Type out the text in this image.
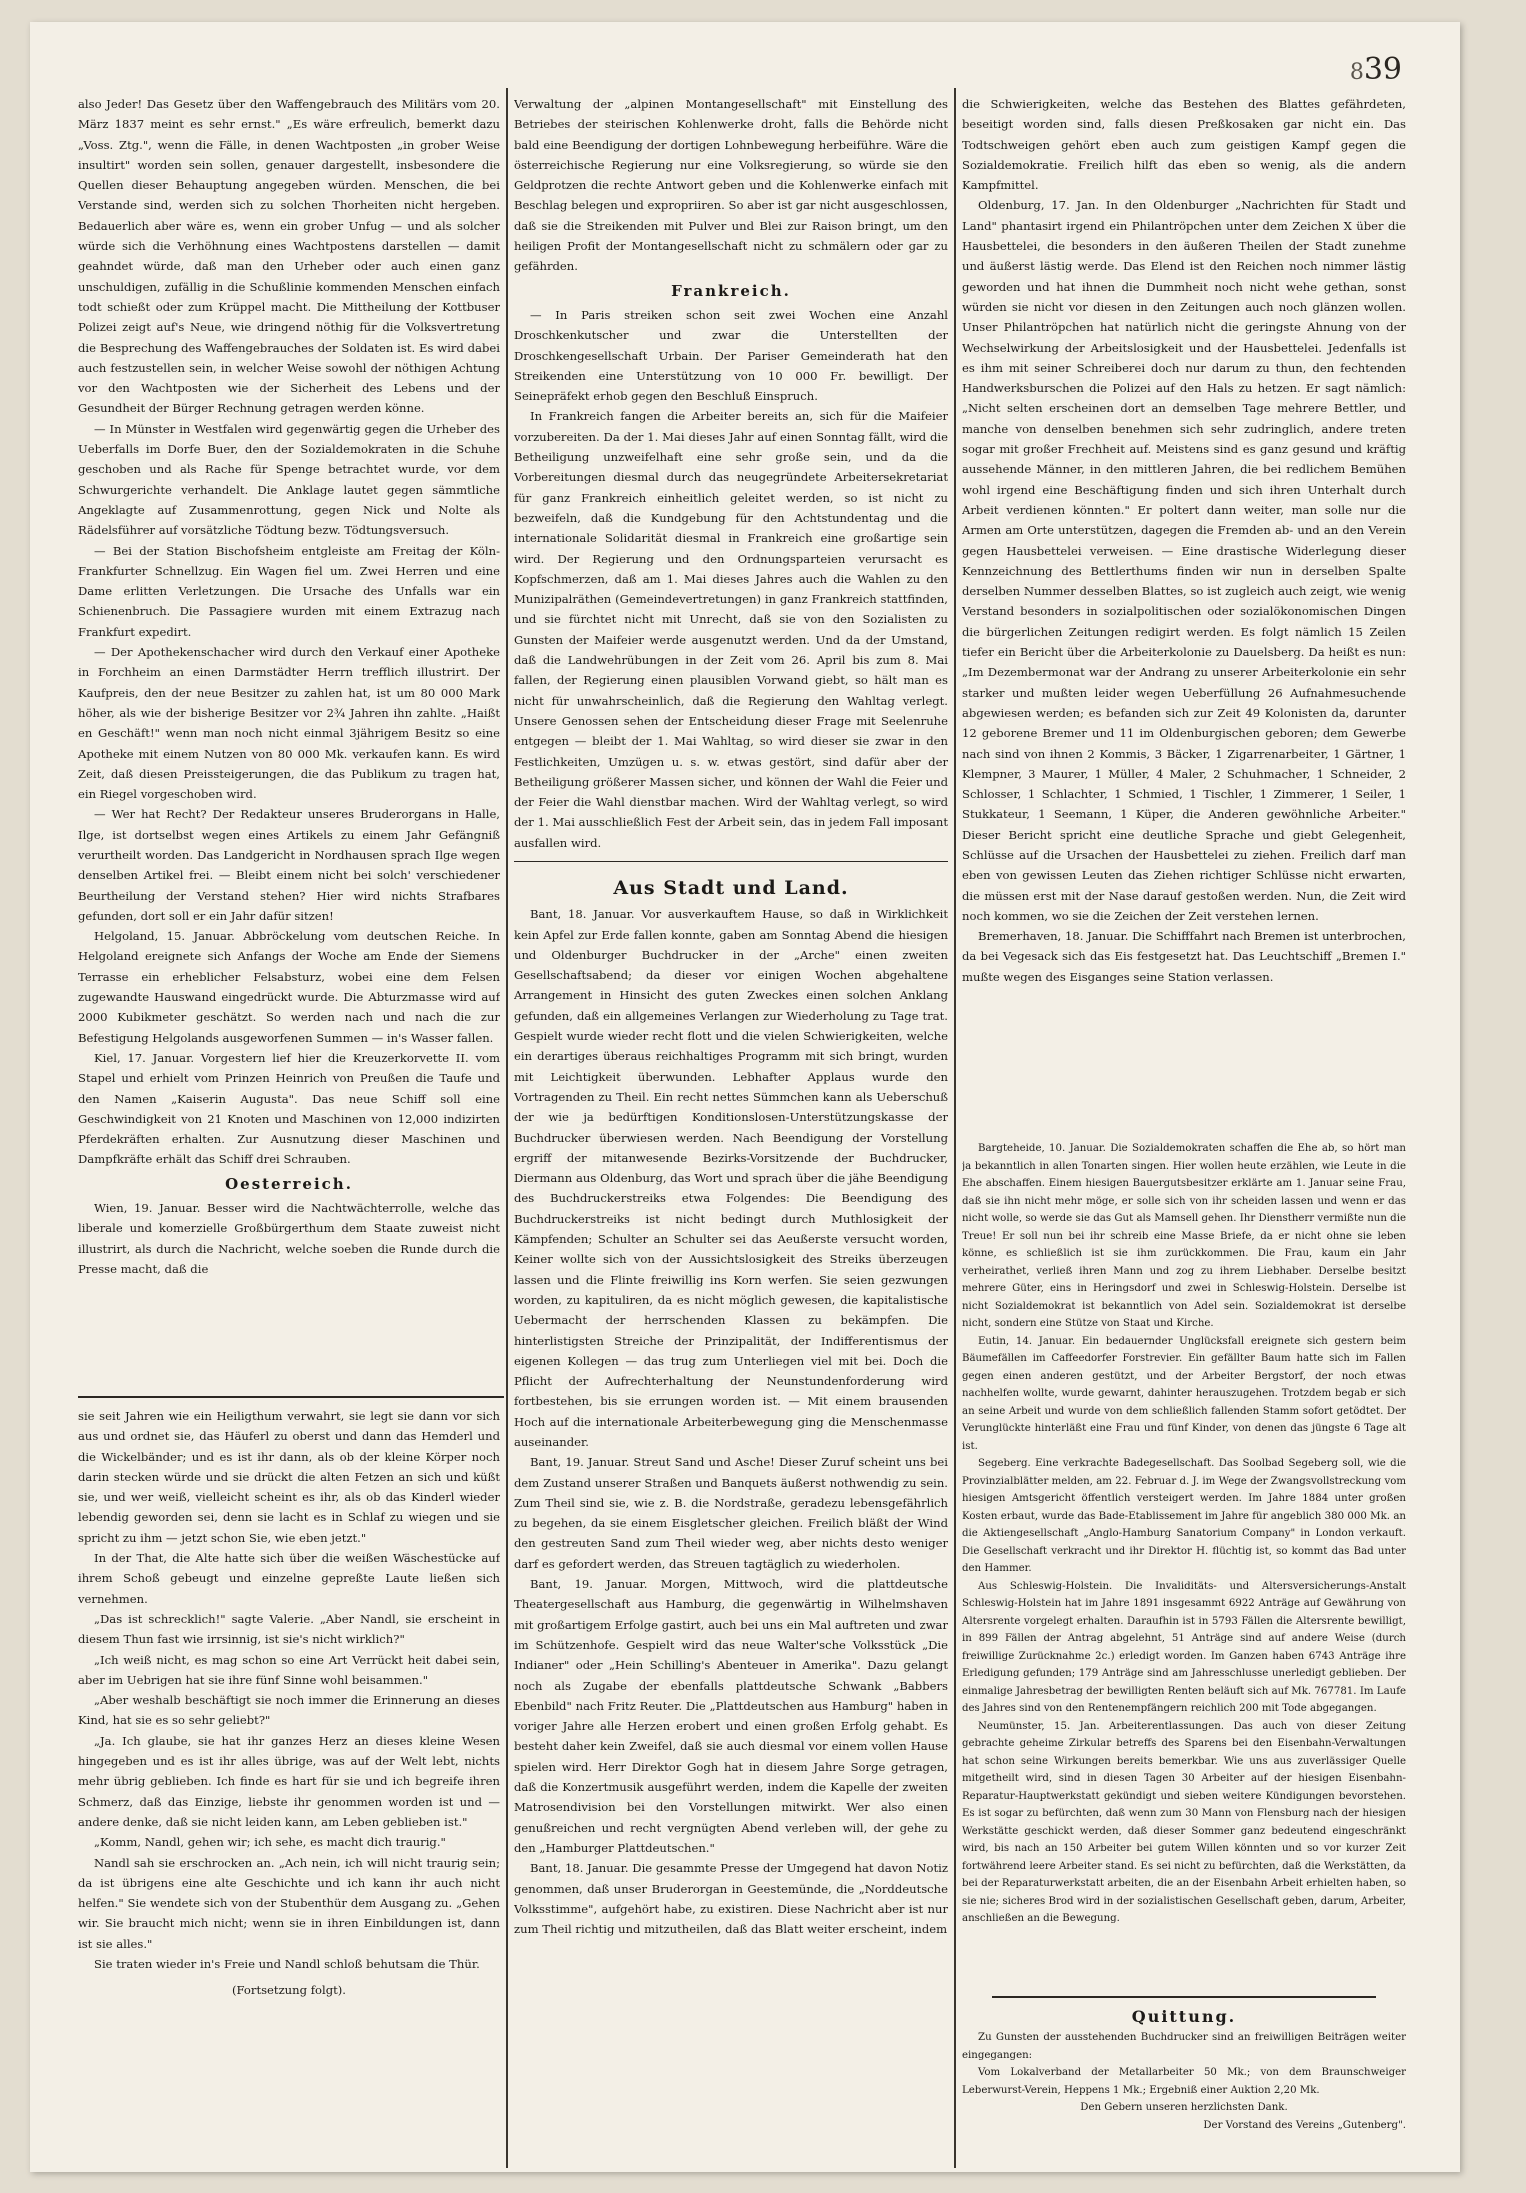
839

also Jeder! Das Gesetz über den Waffengebrauch des Militärs vom 20. März 1837 meint es sehr ernst." „Es wäre erfreulich, bemerkt dazu „Voss. Ztg.", wenn die Fälle, in denen Wachtposten „in grober Weise insultirt" worden sein sollen, genauer dargestellt, insbesondere die Quellen dieser Behauptung angegeben würden. Menschen, die bei Verstande sind, werden sich zu solchen Thorheiten nicht hergeben. Bedauerlich aber wäre es, wenn ein grober Unfug — und als solcher würde sich die Verhöhnung eines Wachtpostens darstellen — damit geahndet würde, daß man den Urheber oder auch einen ganz unschuldigen, zufällig in die Schußlinie kommenden Menschen einfach todt schießt oder zum Krüppel macht. Die Mittheilung der Kottbuser Polizei zeigt auf's Neue, wie dringend nöthig für die Volksvertretung die Besprechung des Waffengebrauches der Soldaten ist. Es wird dabei auch festzustellen sein, in welcher Weise sowohl der nöthigen Achtung vor den Wachtposten wie der Sicherheit des Lebens und der Gesundheit der Bürger Rechnung getragen werden könne.

— In Münster in Westfalen wird gegenwärtig gegen die Urheber des Ueberfalls im Dorfe Buer, den der Sozialdemokraten in die Schuhe geschoben und als Rache für Spenge betrachtet wurde, vor dem Schwurgerichte verhandelt. Die Anklage lautet gegen sämmtliche Angeklagte auf Zusammenrottung, gegen Nick und Nolte als Rädelsführer auf vorsätzliche Tödtung bezw. Tödtungsversuch.

— Bei der Station Bischofsheim entgleiste am Freitag der Köln-Frankfurter Schnellzug. Ein Wagen fiel um. Zwei Herren und eine Dame erlitten Verletzungen. Die Ursache des Unfalls war ein Schienenbruch. Die Passagiere wurden mit einem Extrazug nach Frankfurt expedirt.

— Der Apothekenschacher wird durch den Verkauf einer Apotheke in Forchheim an einen Darmstädter Herrn trefflich illustrirt. Der Kaufpreis, den der neue Besitzer zu zahlen hat, ist um 80 000 Mark höher, als wie der bisherige Besitzer vor 2¾ Jahren ihn zahlte. „Haißt en Geschäft!" wenn man noch nicht einmal 3jährigem Besitz so eine Apotheke mit einem Nutzen von 80 000 Mk. verkaufen kann. Es wird Zeit, daß diesen Preissteigerungen, die das Publikum zu tragen hat, ein Riegel vorgeschoben wird.

— Wer hat Recht? Der Redakteur unseres Bruderorgans in Halle, Ilge, ist dortselbst wegen eines Artikels zu einem Jahr Gefängniß verurtheilt worden. Das Landgericht in Nordhausen sprach Ilge wegen denselben Artikel frei. — Bleibt einem nicht bei solch' verschiedener Beurtheilung der Verstand stehen? Hier wird nichts Strafbares gefunden, dort soll er ein Jahr dafür sitzen!

Helgoland, 15. Januar. Abbröckelung vom deutschen Reiche. In Helgoland ereignete sich Anfangs der Woche am Ende der Siemens Terrasse ein erheblicher Felsabsturz, wobei eine dem Felsen zugewandte Hauswand eingedrückt wurde. Die Abturzmasse wird auf 2000 Kubikmeter geschätzt. So werden nach und nach die zur Befestigung Helgolands ausgeworfenen Summen — in's Wasser fallen.

Kiel, 17. Januar. Vorgestern lief hier die Kreuzerkorvette II. vom Stapel und erhielt vom Prinzen Heinrich von Preußen die Taufe und den Namen „Kaiserin Augusta". Das neue Schiff soll eine Geschwindigkeit von 21 Knoten und Maschinen von 12,000 indizirten Pferdekräften erhalten. Zur Ausnutzung dieser Maschinen und Dampfkräfte erhält das Schiff drei Schrauben.

Oesterreich.

Wien, 19. Januar. Besser wird die Nachtwächterrolle, welche das liberale und komerzielle Großbürgerthum dem Staate zuweist nicht illustrirt, als durch die Nachricht, welche soeben die Runde durch die Presse macht, daß die

sie seit Jahren wie ein Heiligthum verwahrt, sie legt sie dann vor sich aus und ordnet sie, das Häuferl zu oberst und dann das Hemderl und die Wickelbänder; und es ist ihr dann, als ob der kleine Körper noch darin stecken würde und sie drückt die alten Fetzen an sich und küßt sie, und wer weiß, vielleicht scheint es ihr, als ob das Kinderl wieder lebendig geworden sei, denn sie lacht es in Schlaf zu wiegen und sie spricht zu ihm — jetzt schon Sie, wie eben jetzt."

In der That, die Alte hatte sich über die weißen Wäschestücke auf ihrem Schoß gebeugt und einzelne gepreßte Laute ließen sich vernehmen.

„Das ist schrecklich!" sagte Valerie. „Aber Nandl, sie erscheint in diesem Thun fast wie irrsinnig, ist sie's nicht wirklich?"

„Ich weiß nicht, es mag schon so eine Art Verrückt heit dabei sein, aber im Uebrigen hat sie ihre fünf Sinne wohl beisammen."

„Aber weshalb beschäftigt sie noch immer die Erinnerung an dieses Kind, hat sie es so sehr geliebt?"

„Ja. Ich glaube, sie hat ihr ganzes Herz an dieses kleine Wesen hingegeben und es ist ihr alles übrige, was auf der Welt lebt, nichts mehr übrig geblieben. Ich finde es hart für sie und ich begreife ihren Schmerz, daß das Einzige, liebste ihr genommen worden ist und — andere denke, daß sie nicht leiden kann, am Leben geblieben ist."

„Komm, Nandl, gehen wir; ich sehe, es macht dich traurig."

Nandl sah sie erschrocken an. „Ach nein, ich will nicht traurig sein; da ist übrigens eine alte Geschichte und ich kann ihr auch nicht helfen." Sie wendete sich von der Stubenthür dem Ausgang zu. „Gehen wir. Sie braucht mich nicht; wenn sie in ihren Einbildungen ist, dann ist sie alles."

Sie traten wieder in's Freie und Nandl schloß behutsam die Thür.

(Fortsetzung folgt).

Verwaltung der „alpinen Montangesellschaft" mit Einstellung des Betriebes der steirischen Kohlenwerke droht, falls die Behörde nicht bald eine Beendigung der dortigen Lohnbewegung herbeiführe. Wäre die österreichische Regierung nur eine Volksregierung, so würde sie den Geldprotzen die rechte Antwort geben und die Kohlenwerke einfach mit Beschlag belegen und expropriiren. So aber ist gar nicht ausgeschlossen, daß sie die Streikenden mit Pulver und Blei zur Raison bringt, um den heiligen Profit der Montangesellschaft nicht zu schmälern oder gar zu gefährden.

Frankreich.

— In Paris streiken schon seit zwei Wochen eine Anzahl Droschkenkutscher und zwar die Unterstellten der Droschkengesellschaft Urbain. Der Pariser Gemeinderath hat den Streikenden eine Unterstützung von 10 000 Fr. bewilligt. Der Seinepräfekt erhob gegen den Beschluß Einspruch.

In Frankreich fangen die Arbeiter bereits an, sich für die Maifeier vorzubereiten. Da der 1. Mai dieses Jahr auf einen Sonntag fällt, wird die Betheiligung unzweifelhaft eine sehr große sein, und da die Vorbereitungen diesmal durch das neugegründete Arbeitersekretariat für ganz Frankreich einheitlich geleitet werden, so ist nicht zu bezweifeln, daß die Kundgebung für den Achtstundentag und die internationale Solidarität diesmal in Frankreich eine großartige sein wird. Der Regierung und den Ordnungsparteien verursacht es Kopfschmerzen, daß am 1. Mai dieses Jahres auch die Wahlen zu den Munizipalräthen (Gemeindevertretungen) in ganz Frankreich stattfinden, und sie fürchtet nicht mit Unrecht, daß sie von den Sozialisten zu Gunsten der Maifeier werde ausgenutzt werden. Und da der Umstand, daß die Landwehrübungen in der Zeit vom 26. April bis zum 8. Mai fallen, der Regierung einen plausiblen Vorwand giebt, so hält man es nicht für unwahrscheinlich, daß die Regierung den Wahltag verlegt. Unsere Genossen sehen der Entscheidung dieser Frage mit Seelenruhe entgegen — bleibt der 1. Mai Wahltag, so wird dieser sie zwar in den Festlichkeiten, Umzügen u. s. w. etwas gestört, sind dafür aber der Betheiligung größerer Massen sicher, und können der Wahl die Feier und der Feier die Wahl dienstbar machen. Wird der Wahltag verlegt, so wird der 1. Mai ausschließlich Fest der Arbeit sein, das in jedem Fall imposant ausfallen wird.

Aus Stadt und Land.

Bant, 18. Januar. Vor ausverkauftem Hause, so daß in Wirklichkeit kein Apfel zur Erde fallen konnte, gaben am Sonntag Abend die hiesigen und Oldenburger Buchdrucker in der „Arche" einen zweiten Gesellschaftsabend; da dieser vor einigen Wochen abgehaltene Arrangement in Hinsicht des guten Zweckes einen solchen Anklang gefunden, daß ein allgemeines Verlangen zur Wiederholung zu Tage trat. Gespielt wurde wieder recht flott und die vielen Schwierigkeiten, welche ein derartiges überaus reichhaltiges Programm mit sich bringt, wurden mit Leichtigkeit überwunden. Lebhafter Applaus wurde den Vortragenden zu Theil. Ein recht nettes Sümmchen kann als Ueberschuß der wie ja bedürftigen Konditionslosen-Unterstützungskasse der Buchdrucker überwiesen werden. Nach Beendigung der Vorstellung ergriff der mitanwesende Bezirks-Vorsitzende der Buchdrucker, Diermann aus Oldenburg, das Wort und sprach über die jähe Beendigung des Buchdruckerstreiks etwa Folgendes: Die Beendigung des Buchdruckerstreiks ist nicht bedingt durch Muthlosigkeit der Kämpfenden; Schulter an Schulter sei das Aeußerste versucht worden, Keiner wollte sich von der Aussichtslosigkeit des Streiks überzeugen lassen und die Flinte freiwillig ins Korn werfen. Sie seien gezwungen worden, zu kapituliren, da es nicht möglich gewesen, die kapitalistische Uebermacht der herrschenden Klassen zu bekämpfen. Die hinterlistigsten Streiche der Prinzipalität, der Indifferentismus der eigenen Kollegen — das trug zum Unterliegen viel mit bei. Doch die Pflicht der Aufrechterhaltung der Neunstundenforderung wird fortbestehen, bis sie errungen worden ist. — Mit einem brausenden Hoch auf die internationale Arbeiterbewegung ging die Menschenmasse auseinander.

Bant, 19. Januar. Streut Sand und Asche! Dieser Zuruf scheint uns bei dem Zustand unserer Straßen und Banquets äußerst nothwendig zu sein. Zum Theil sind sie, wie z. B. die Nordstraße, geradezu lebensgefährlich zu begehen, da sie einem Eisgletscher gleichen. Freilich bläßt der Wind den gestreuten Sand zum Theil wieder weg, aber nichts desto weniger darf es gefordert werden, das Streuen tagtäglich zu wiederholen.

Bant, 19. Januar. Morgen, Mittwoch, wird die plattdeutsche Theatergesellschaft aus Hamburg, die gegenwärtig in Wilhelmshaven mit großartigem Erfolge gastirt, auch bei uns ein Mal auftreten und zwar im Schützenhofe. Gespielt wird das neue Walter'sche Volksstück „Die Indianer" oder „Hein Schilling's Abenteuer in Amerika". Dazu gelangt noch als Zugabe der ebenfalls plattdeutsche Schwank „Babbers Ebenbild" nach Fritz Reuter. Die „Plattdeutschen aus Hamburg" haben in voriger Jahre alle Herzen erobert und einen großen Erfolg gehabt. Es besteht daher kein Zweifel, daß sie auch diesmal vor einem vollen Hause spielen wird. Herr Direktor Gogh hat in diesem Jahre Sorge getragen, daß die Konzertmusik ausgeführt werden, indem die Kapelle der zweiten Matrosendivision bei den Vorstellungen mitwirkt. Wer also einen genußreichen und recht vergnügten Abend verleben will, der gehe zu den „Hamburger Plattdeutschen."

Bant, 18. Januar. Die gesammte Presse der Umgegend hat davon Notiz genommen, daß unser Bruderorgan in Geestemünde, die „Norddeutsche Volksstimme", aufgehört habe, zu existiren. Diese Nachricht aber ist nur zum Theil richtig und mitzutheilen, daß das Blatt weiter erscheint, indem

die Schwierigkeiten, welche das Bestehen des Blattes gefährdeten, beseitigt worden sind, falls diesen Preßkosaken gar nicht ein. Das Todtschweigen gehört eben auch zum geistigen Kampf gegen die Sozialdemokratie. Freilich hilft das eben so wenig, als die andern Kampfmittel.

Oldenburg, 17. Jan. In den Oldenburger „Nachrichten für Stadt und Land" phantasirt irgend ein Philantröpchen unter dem Zeichen X über die Hausbettelei, die besonders in den äußeren Theilen der Stadt zunehme und äußerst lästig werde. Das Elend ist den Reichen noch nimmer lästig geworden und hat ihnen die Dummheit noch nicht wehe gethan, sonst würden sie nicht vor diesen in den Zeitungen auch noch glänzen wollen. Unser Philantröpchen hat natürlich nicht die geringste Ahnung von der Wechselwirkung der Arbeitslosigkeit und der Hausbettelei. Jedenfalls ist es ihm mit seiner Schreiberei doch nur darum zu thun, den fechtenden Handwerksburschen die Polizei auf den Hals zu hetzen. Er sagt nämlich: „Nicht selten erscheinen dort an demselben Tage mehrere Bettler, und manche von denselben benehmen sich sehr zudringlich, andere treten sogar mit großer Frechheit auf. Meistens sind es ganz gesund und kräftig aussehende Männer, in den mittleren Jahren, die bei redlichem Bemühen wohl irgend eine Beschäftigung finden und sich ihren Unterhalt durch Arbeit verdienen könnten." Er poltert dann weiter, man solle nur die Armen am Orte unterstützen, dagegen die Fremden ab- und an den Verein gegen Hausbettelei verweisen. — Eine drastische Widerlegung dieser Kennzeichnung des Bettlerthums finden wir nun in derselben Spalte derselben Nummer desselben Blattes, so ist zugleich auch zeigt, wie wenig Verstand besonders in sozialpolitischen oder sozialökonomischen Dingen die bürgerlichen Zeitungen redigirt werden. Es folgt nämlich 15 Zeilen tiefer ein Bericht über die Arbeiterkolonie zu Dauelsberg. Da heißt es nun: „Im Dezembermonat war der Andrang zu unserer Arbeiterkolonie ein sehr starker und mußten leider wegen Ueberfüllung 26 Aufnahmesuchende abgewiesen werden; es befanden sich zur Zeit 49 Kolonisten da, darunter 12 geborene Bremer und 11 im Oldenburgischen geboren; dem Gewerbe nach sind von ihnen 2 Kommis, 3 Bäcker, 1 Zigarrenarbeiter, 1 Gärtner, 1 Klempner, 3 Maurer, 1 Müller, 4 Maler, 2 Schuhmacher, 1 Schneider, 2 Schlosser, 1 Schlachter, 1 Schmied, 1 Tischler, 1 Zimmerer, 1 Seiler, 1 Stukkateur, 1 Seemann, 1 Küper, die Anderen gewöhnliche Arbeiter." Dieser Bericht spricht eine deutliche Sprache und giebt Gelegenheit, Schlüsse auf die Ursachen der Hausbettelei zu ziehen. Freilich darf man eben von gewissen Leuten das Ziehen richtiger Schlüsse nicht erwarten, die müssen erst mit der Nase darauf gestoßen werden. Nun, die Zeit wird noch kommen, wo sie die Zeichen der Zeit verstehen lernen.

Bremerhaven, 18. Januar. Die Schifffahrt nach Bremen ist unterbrochen, da bei Vegesack sich das Eis festgesetzt hat. Das Leuchtschiff „Bremen I." mußte wegen des Eisganges seine Station verlassen.

Bargteheide, 10. Januar. Die Sozialdemokraten schaffen die Ehe ab, so hört man ja bekanntlich in allen Tonarten singen. Hier wollen heute erzählen, wie Leute in die Ehe abschaffen. Einem hiesigen Bauergutsbesitzer erklärte am 1. Januar seine Frau, daß sie ihn nicht mehr möge, er solle sich von ihr scheiden lassen und wenn er das nicht wolle, so werde sie das Gut als Mamsell gehen. Ihr Dienstherr vermißte nun die Treue! Er soll nun bei ihr schreib eine Masse Briefe, da er nicht ohne sie leben könne, es schließlich ist sie ihm zurückkommen. Die Frau, kaum ein Jahr verheirathet, verließ ihren Mann und zog zu ihrem Liebhaber. Derselbe besitzt mehrere Güter, eins in Heringsdorf und zwei in Schleswig-Holstein. Derselbe ist nicht Sozialdemokrat ist bekanntlich von Adel sein. Sozialdemokrat ist derselbe nicht, sondern eine Stütze von Staat und Kirche.

Eutin, 14. Januar. Ein bedauernder Unglücksfall ereignete sich gestern beim Bäumefällen im Caffeedorfer Forstrevier. Ein gefällter Baum hatte sich im Fallen gegen einen anderen gestützt, und der Arbeiter Bergstorf, der noch etwas nachhelfen wollte, wurde gewarnt, dahinter herauszugehen. Trotzdem begab er sich an seine Arbeit und wurde von dem schließlich fallenden Stamm sofort getödtet. Der Verunglückte hinterläßt eine Frau und fünf Kinder, von denen das jüngste 6 Tage alt ist.

Segeberg. Eine verkrachte Badegesellschaft. Das Soolbad Segeberg soll, wie die Provinzialblätter melden, am 22. Februar d. J. im Wege der Zwangsvollstreckung vom hiesigen Amtsgericht öffentlich versteigert werden. Im Jahre 1884 unter großen Kosten erbaut, wurde das Bade-Etablissement im Jahre für angeblich 380 000 Mk. an die Aktiengesellschaft „Anglo-Hamburg Sanatorium Company" in London verkauft. Die Gesellschaft verkracht und ihr Direktor H. flüchtig ist, so kommt das Bad unter den Hammer.

Aus Schleswig-Holstein. Die Invaliditäts- und Altersversicherungs-Anstalt Schleswig-Holstein hat im Jahre 1891 insgesammt 6922 Anträge auf Gewährung von Altersrente vorgelegt erhalten. Daraufhin ist in 5793 Fällen die Altersrente bewilligt, in 899 Fällen der Antrag abgelehnt, 51 Anträge sind auf andere Weise (durch freiwillige Zurücknahme 2c.) erledigt worden. Im Ganzen haben 6743 Anträge ihre Erledigung gefunden; 179 Anträge sind am Jahresschlusse unerledigt geblieben. Der einmalige Jahresbetrag der bewilligten Renten beläuft sich auf Mk. 767781. Im Laufe des Jahres sind von den Rentenempfängern reichlich 200 mit Tode abgegangen.

Neumünster, 15. Jan. Arbeiterentlassungen. Das auch von dieser Zeitung gebrachte geheime Zirkular betreffs des Sparens bei den Eisenbahn-Verwaltungen hat schon seine Wirkungen bereits bemerkbar. Wie uns aus zuverlässiger Quelle mitgetheilt wird, sind in diesen Tagen 30 Arbeiter auf der hiesigen Eisenbahn-Reparatur-Hauptwerkstatt gekündigt und sieben weitere Kündigungen bevorstehen. Es ist sogar zu befürchten, daß wenn zum 30 Mann von Flensburg nach der hiesigen Werkstätte geschickt werden, daß dieser Sommer ganz bedeutend eingeschränkt wird, bis nach an 150 Arbeiter bei gutem Willen könnten und so vor kurzer Zeit fortwährend leere Arbeiter stand. Es sei nicht zu befürchten, daß die Werkstätten, da bei der Reparaturwerkstatt arbeiten, die an der Eisenbahn Arbeit erhielten haben, so sie nie; sicheres Brod wird in der sozialistischen Gesellschaft geben, darum, Arbeiter, anschließen an die Bewegung.

Quittung.

Zu Gunsten der ausstehenden Buchdrucker sind an freiwilligen Beiträgen weiter eingegangen:

Vom Lokalverband der Metallarbeiter 50 Mk.; von dem Braunschweiger Leberwurst-Verein, Heppens 1 Mk.; Ergebniß einer Auktion 2,20 Mk.

Den Gebern unseren herzlichsten Dank.

Der Vorstand des Vereins „Gutenberg".
